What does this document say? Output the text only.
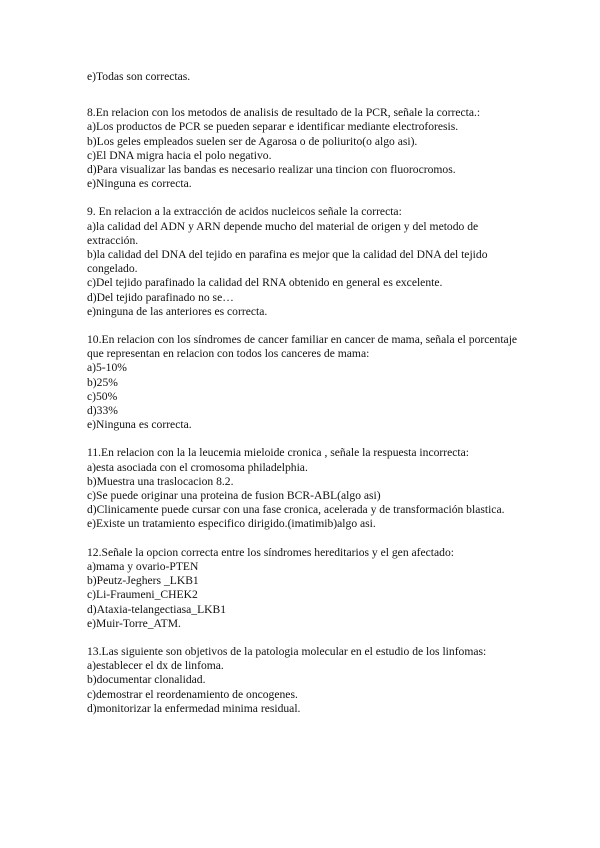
e)Todas son correctas.
8.En relacion con los metodos de analisis de resultado de la PCR, señale la correcta.:
a)Los productos de PCR se pueden separar e identificar mediante electroforesis.
b)Los geles empleados suelen ser de Agarosa o de poliurito(o algo asi).
c)El DNA migra hacia el polo negativo.
d)Para visualizar las bandas es necesario realizar una tincion con fluorocromos.
e)Ninguna es correcta.
9. En relacion a la extracción de acidos nucleicos señale la correcta:
a)la calidad del ADN y ARN depende mucho del material de origen y del metodo de extracción.
b)la calidad del DNA del tejido en parafina es mejor que la calidad del DNA del tejido congelado.
c)Del tejido parafinado la calidad del RNA obtenido en general es excelente.
d)Del tejido parafinado no se…
e)ninguna de las anteriores es correcta.
10.En relacion con los síndromes de cancer familiar en cancer de mama, señala el porcentaje que representan en relacion con todos los canceres de mama:
a)5-10%
b)25%
c)50%
d)33%
e)Ninguna es correcta.
11.En relacion con la la leucemia mieloide cronica , señale la respuesta incorrecta:
a)esta asociada con el cromosoma philadelphia.
b)Muestra una traslocacion 8.2.
c)Se puede originar una proteina de fusion BCR-ABL(algo asi)
d)Clinicamente puede cursar con una fase cronica, acelerada y de transformación blastica.
e)Existe un tratamiento especifico dirigido.(imatimib)algo asi.
12.Señale la opcion correcta entre los síndromes hereditarios y el gen afectado:
a)mama y ovario-PTEN
b)Peutz-Jeghers _LKB1
c)Li-Fraumeni_CHEK2
d)Ataxia-telangectiasa_LKB1
e)Muir-Torre_ATM.
13.Las siguiente son objetivos de la patologia molecular en el estudio de los linfomas:
a)establecer el dx de linfoma.
b)documentar clonalidad.
c)demostrar el reordenamiento de oncogenes.
d)monitorizar la enfermedad minima residual.
